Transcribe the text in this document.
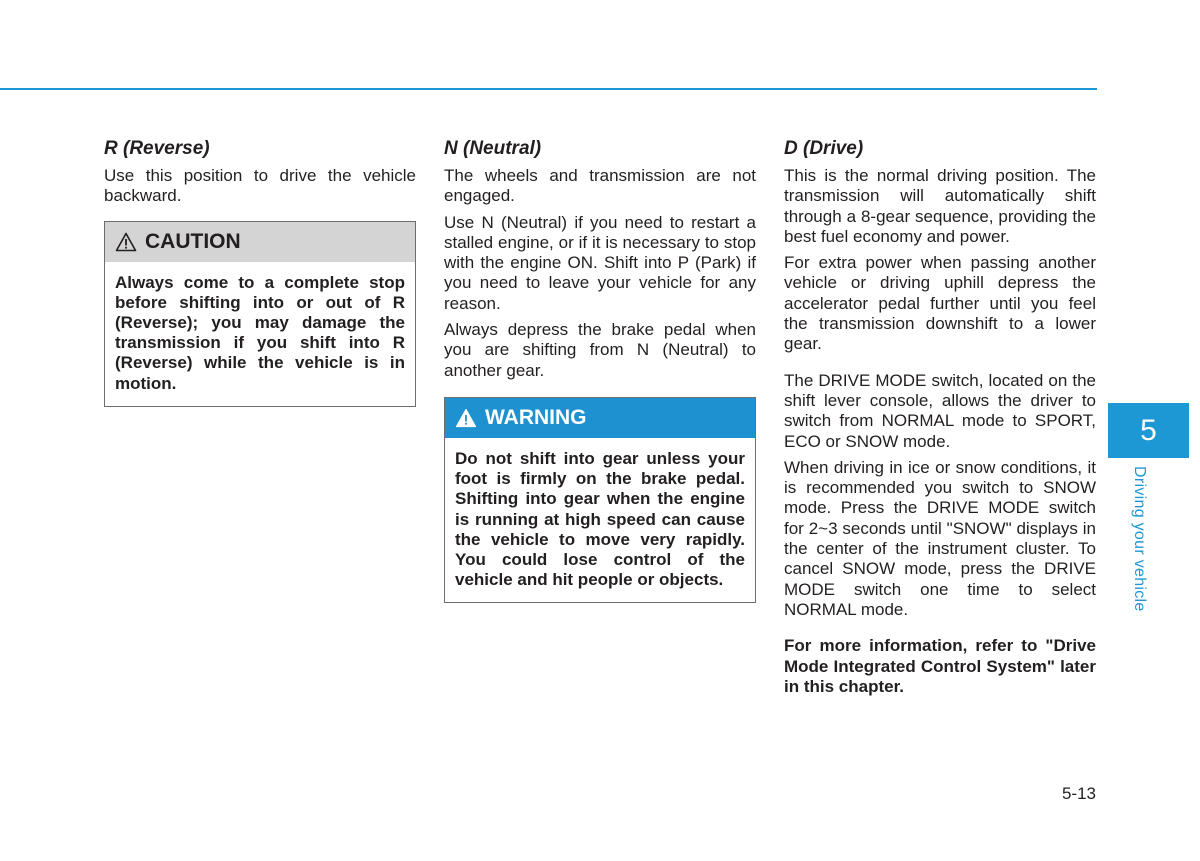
R (Reverse)

Use this position to drive the vehicle backward.

CAUTION
Always come to a complete stop before shifting into or out of R (Reverse); you may damage the transmission if you shift into R (Reverse) while the vehicle is in motion.
N (Neutral)

The wheels and transmission are not engaged.

Use N (Neutral) if you need to restart a stalled engine, or if it is necessary to stop with the engine ON. Shift into P (Park) if you need to leave your vehicle for any reason.

Always depress the brake pedal when you are shifting from N (Neutral) to another gear.

WARNING
Do not shift into gear unless your foot is firmly on the brake pedal. Shifting into gear when the engine is running at high speed can cause the vehicle to move very rapidly. You could lose control of the vehicle and hit people or objects.
D (Drive)

This is the normal driving position. The transmission will automatically shift through a 8-gear sequence, providing the best fuel economy and power.

For extra power when passing another vehicle or driving uphill depress the accelerator pedal further until you feel the transmission downshift to a lower gear.

The DRIVE MODE switch, located on the shift lever console, allows the driver to switch from NORMAL mode to SPORT, ECO or SNOW mode.

When driving in ice or snow conditions, it is recommended you switch to SNOW mode. Press the DRIVE MODE switch for 2~3 seconds until "SNOW" displays in the center of the instrument cluster. To cancel SNOW mode, press the DRIVE MODE switch one time to select NORMAL mode.

For more information, refer to "Drive Mode Integrated Control System" later in this chapter.

5
Driving your vehicle
5-13
